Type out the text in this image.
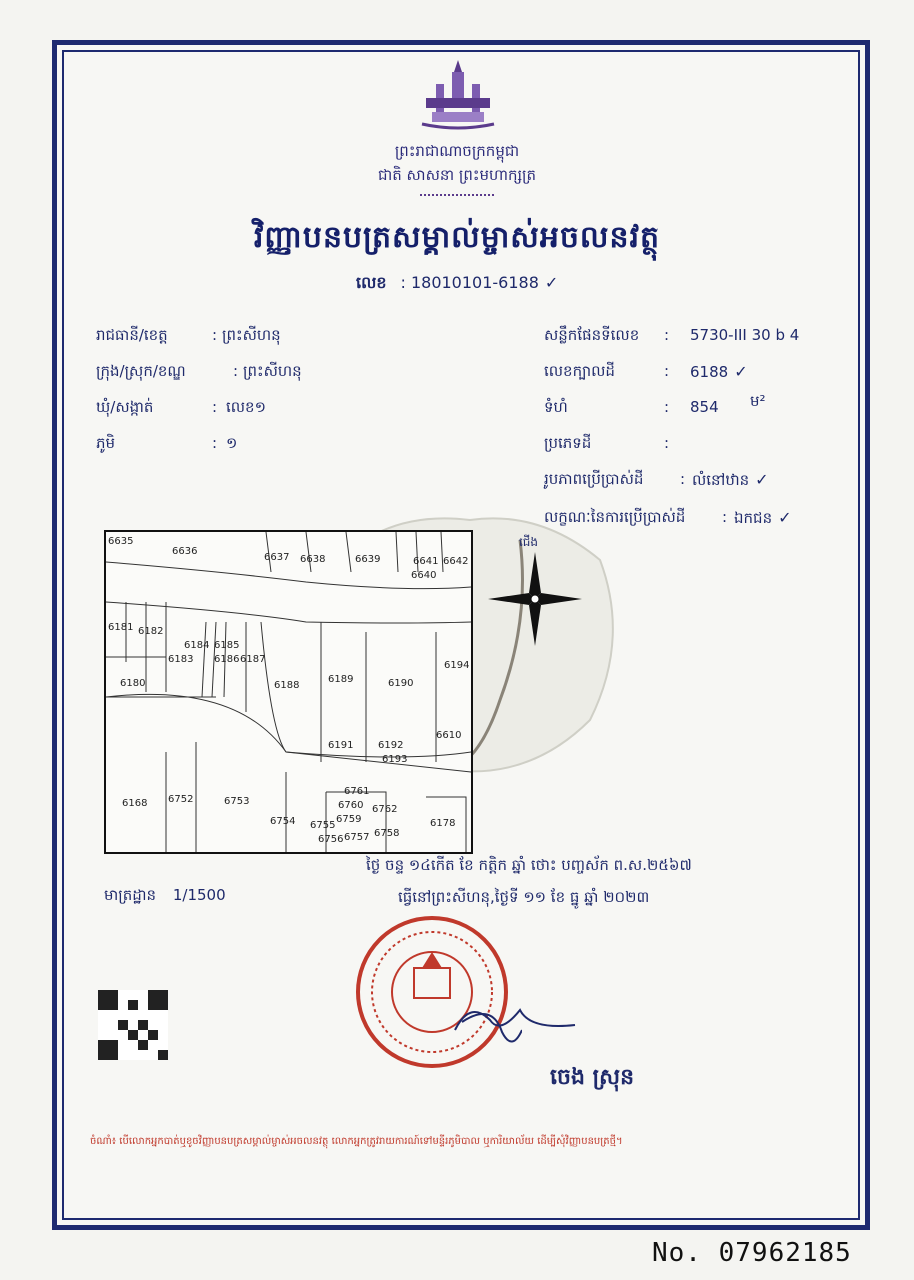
ព្រះរាជាណាចក្រកម្ពុជា
ជាតិ សាសនា ព្រះមហាក្សត្រ
វិញ្ញាបនបត្រសម្គាល់ម្ចាស់អចលនវត្ថុ
លេខ : 18010101-6188 ✓
រាជធានី/ខេត្ត	: ព្រះសីហនុ
ក្រុង/ស្រុក/ខណ្ឌ	: ព្រះសីហនុ
ឃុំ/សង្កាត់	: លេខ១
ភូមិ	: ១
សន្លឹកផែនទីលេខ : 5730-III 30 b 4
លេខក្បាលដី	: 6188 ✓
ទំហំ	: 854 ម²
ប្រភេទដី	:
រូបភាពប្រើប្រាស់ដី : លំនៅឋាន ✓
លក្ខណៈនៃការប្រើប្រាស់ដី : ឯកជន ✓
ជើង
6635
6636
6637 6638	6639	6641 6642
6640
6181 6182
6184 6185
6183 6186 6187
6180	6188
6189	6190
6194
6191 6192
6193
6610
6168 6752	6753
6754
6761
6760 6762
6759
6755
6756 6757 6758
6178
ថ្ងៃ ចន្ទ ១៤កើត ខែ កត្តិក ឆ្នាំ ថោះ បញ្ចស័ក ព.ស.២៥៦៧
ធ្វើនៅព្រះសីហនុ,ថ្ងៃទី ១១ ខែ ធ្នូ ឆ្នាំ ២០២៣
មាត្រដ្ឋាន 1/1500
ចេង ស្រុន
ចំណាំ៖ បើលោកអ្នកបាត់ឬខូចវិញ្ញាបនបត្រសម្គាល់ម្ចាស់អចលនវត្ថុ លោកអ្នកត្រូវរាយការណ៍ទៅមន្ទីរភូមិបាល ឬការិយាល័យ ដើម្បីសុំវិញ្ញាបនបត្រថ្មី។
No. 07962185
